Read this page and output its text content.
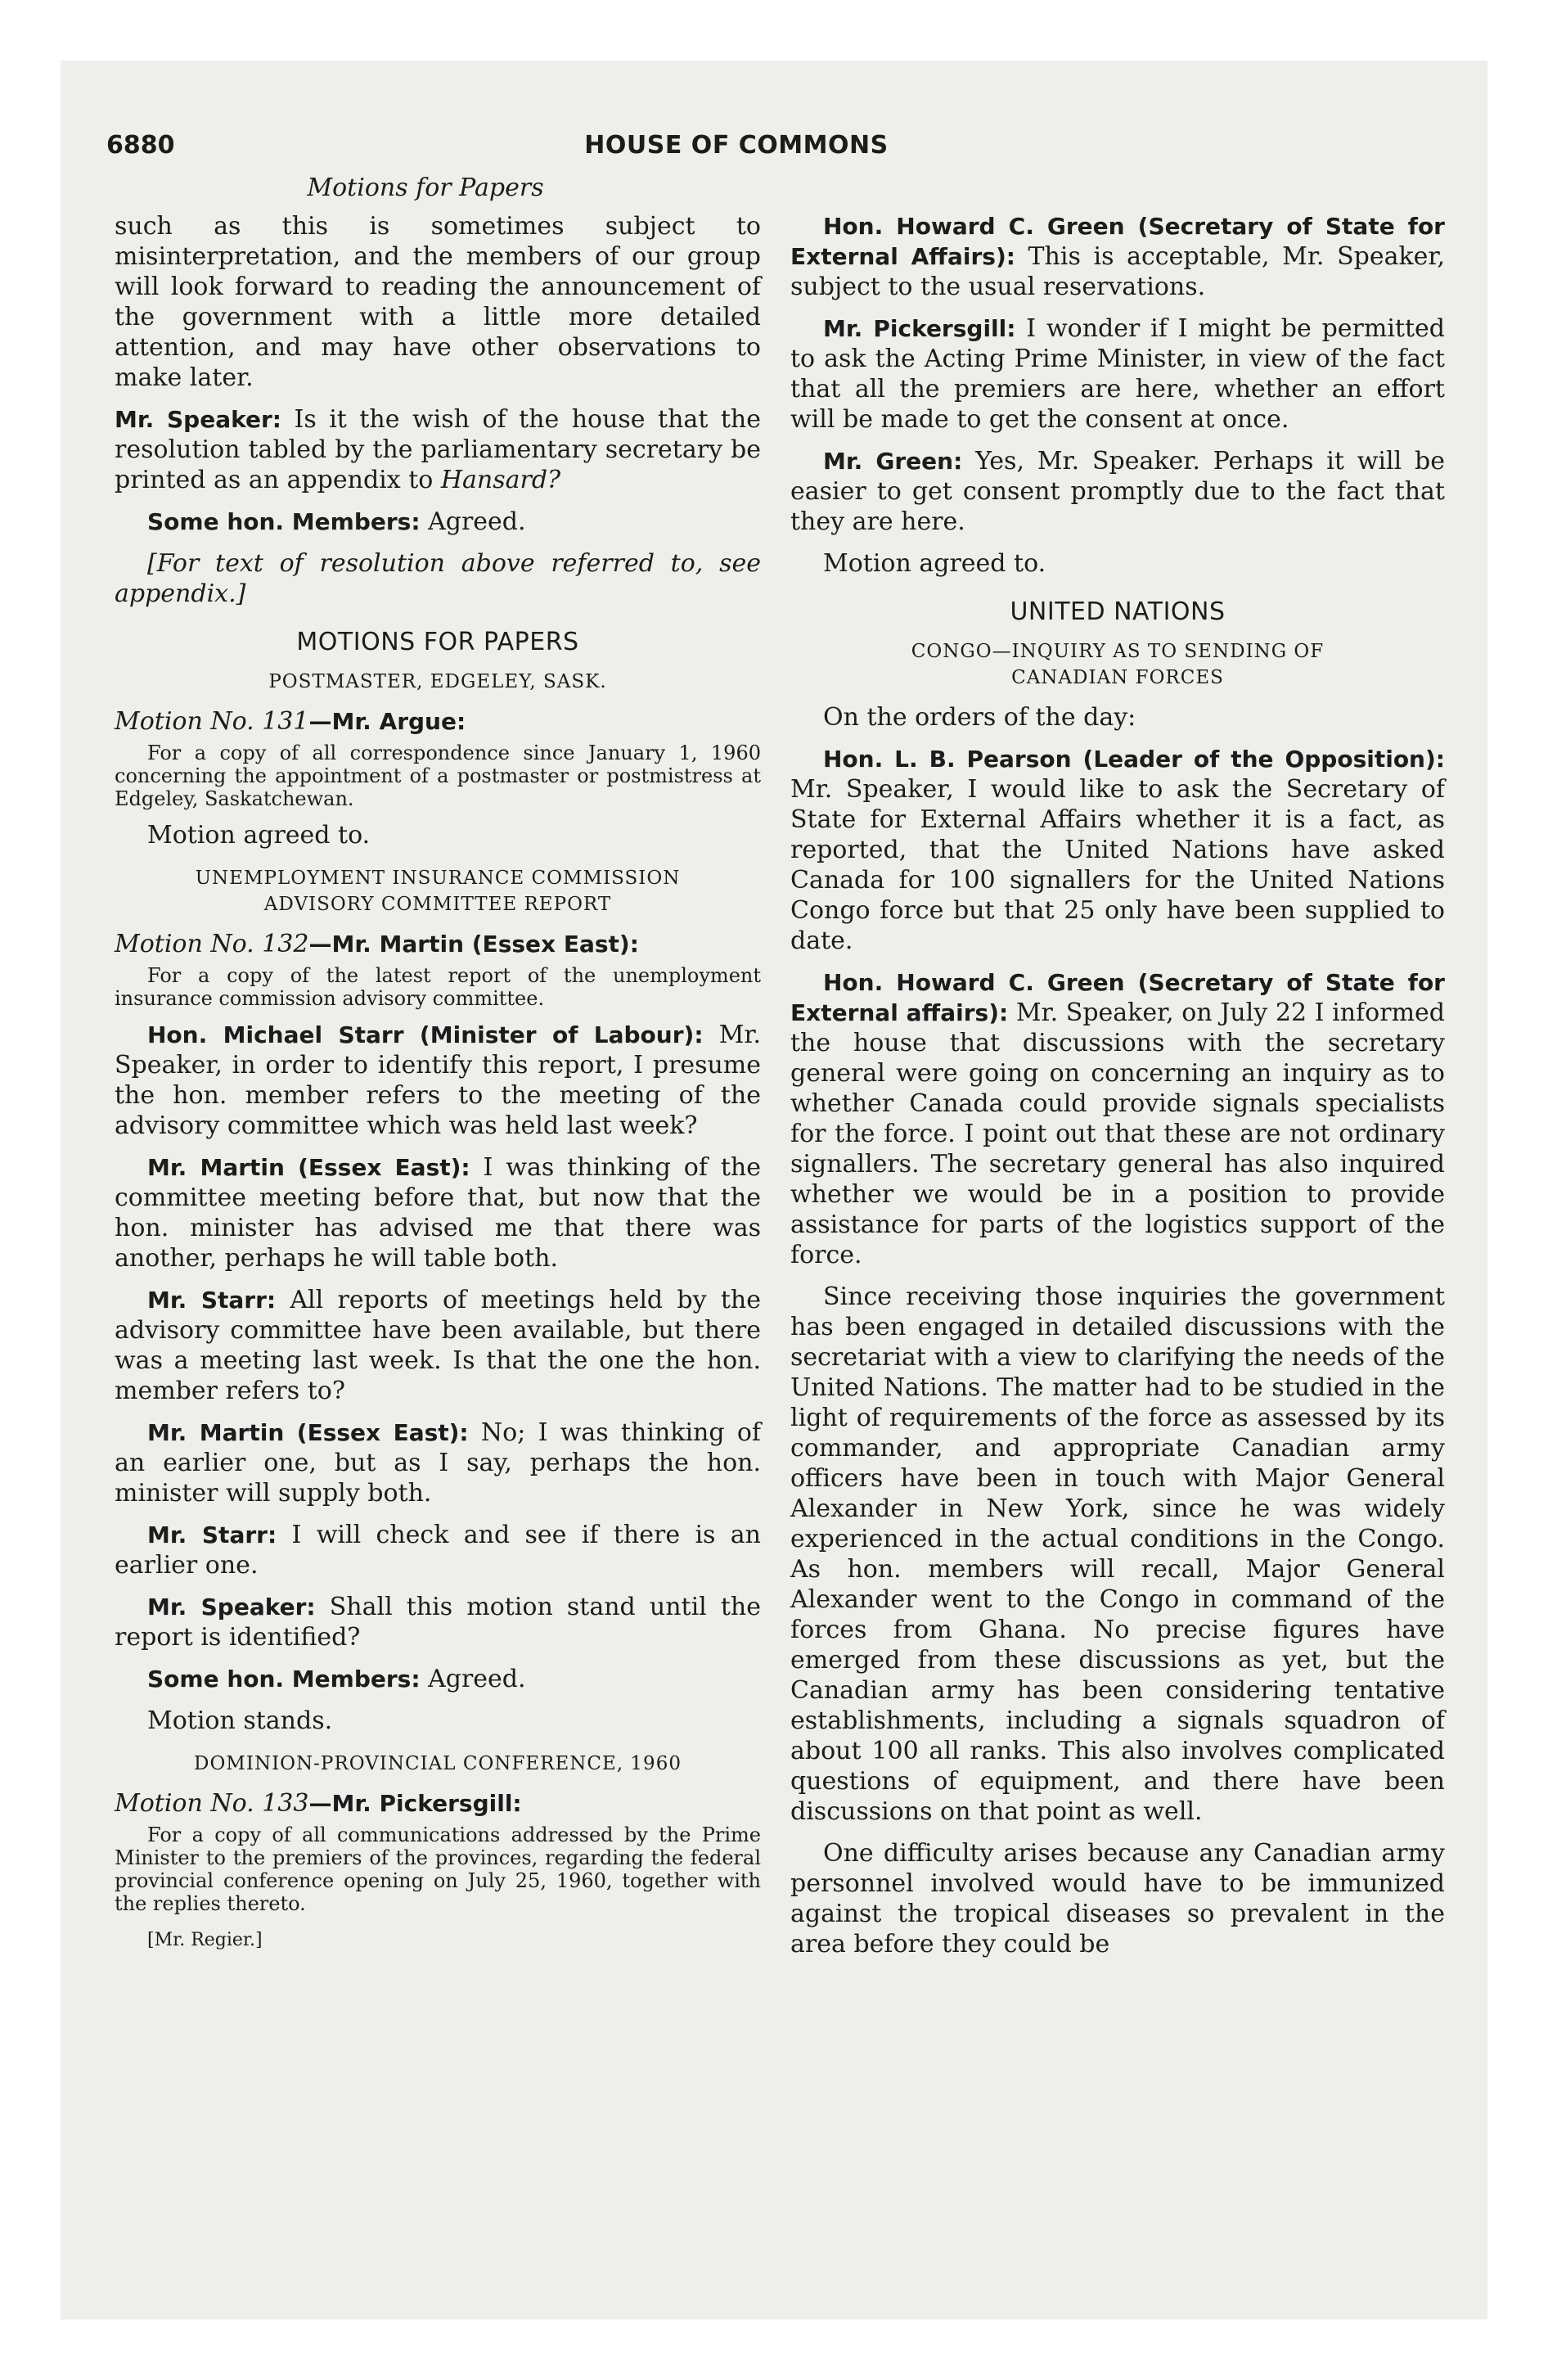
6880	HOUSE OF COMMONS
Motions for Papers

such as this is sometimes subject to misinterpretation, and the members of our group will look forward to reading the announcement of the government with a little more detailed attention, and may have other observations to make later.

Mr. Speaker: Is it the wish of the house that the resolution tabled by the parliamentary secretary be printed as an appendix to Hansard?

Some hon. Members: Agreed.

[For text of resolution above referred to, see appendix.]

MOTIONS FOR PAPERS
POSTMASTER, EDGELEY, SASK.
Motion No. 131—Mr. Argue:

For a copy of all correspondence since January 1, 1960 concerning the appointment of a postmaster or postmistress at Edgeley, Saskatchewan.

Motion agreed to.

UNEMPLOYMENT INSURANCE COMMISSION
ADVISORY COMMITTEE REPORT
Motion No. 132—Mr. Martin (Essex East):

For a copy of the latest report of the unemployment insurance commission advisory committee.

Hon. Michael Starr (Minister of Labour): Mr. Speaker, in order to identify this report, I presume the hon. member refers to the meeting of the advisory committee which was held last week?

Mr. Martin (Essex East): I was thinking of the committee meeting before that, but now that the hon. minister has advised me that there was another, perhaps he will table both.

Mr. Starr: All reports of meetings held by the advisory committee have been available, but there was a meeting last week. Is that the one the hon. member refers to?

Mr. Martin (Essex East): No; I was thinking of an earlier one, but as I say, perhaps the hon. minister will supply both.

Mr. Starr: I will check and see if there is an earlier one.

Mr. Speaker: Shall this motion stand until the report is identified?

Some hon. Members: Agreed.

Motion stands.

DOMINION-PROVINCIAL CONFERENCE, 1960
Motion No. 133—Mr. Pickersgill:

For a copy of all communications addressed by the Prime Minister to the premiers of the provinces, regarding the federal provincial conference opening on July 25, 1960, together with the replies thereto.

[Mr. Regier.]

Hon. Howard C. Green (Secretary of State for External Affairs): This is acceptable, Mr. Speaker, subject to the usual reservations.

Mr. Pickersgill: I wonder if I might be permitted to ask the Acting Prime Minister, in view of the fact that all the premiers are here, whether an effort will be made to get the consent at once.

Mr. Green: Yes, Mr. Speaker. Perhaps it will be easier to get consent promptly due to the fact that they are here.

Motion agreed to.

UNITED NATIONS
CONGO—INQUIRY AS TO SENDING OF
CANADIAN FORCES

On the orders of the day:

Hon. L. B. Pearson (Leader of the Opposition): Mr. Speaker, I would like to ask the Secretary of State for External Affairs whether it is a fact, as reported, that the United Nations have asked Canada for 100 signallers for the United Nations Congo force but that 25 only have been supplied to date.

Hon. Howard C. Green (Secretary of State for External affairs): Mr. Speaker, on July 22 I informed the house that discussions with the secretary general were going on concerning an inquiry as to whether Canada could provide signals specialists for the force. I point out that these are not ordinary signallers. The secretary general has also inquired whether we would be in a position to provide assistance for parts of the logistics support of the force.

Since receiving those inquiries the government has been engaged in detailed discussions with the secretariat with a view to clarifying the needs of the United Nations. The matter had to be studied in the light of requirements of the force as assessed by its commander, and appropriate Canadian army officers have been in touch with Major General Alexander in New York, since he was widely experienced in the actual conditions in the Congo. As hon. members will recall, Major General Alexander went to the Congo in command of the forces from Ghana. No precise figures have emerged from these discussions as yet, but the Canadian army has been considering tentative establishments, including a signals squadron of about 100 all ranks. This also involves complicated questions of equipment, and there have been discussions on that point as well.

One difficulty arises because any Canadian army personnel involved would have to be immunized against the tropical diseases so prevalent in the area before they could be
